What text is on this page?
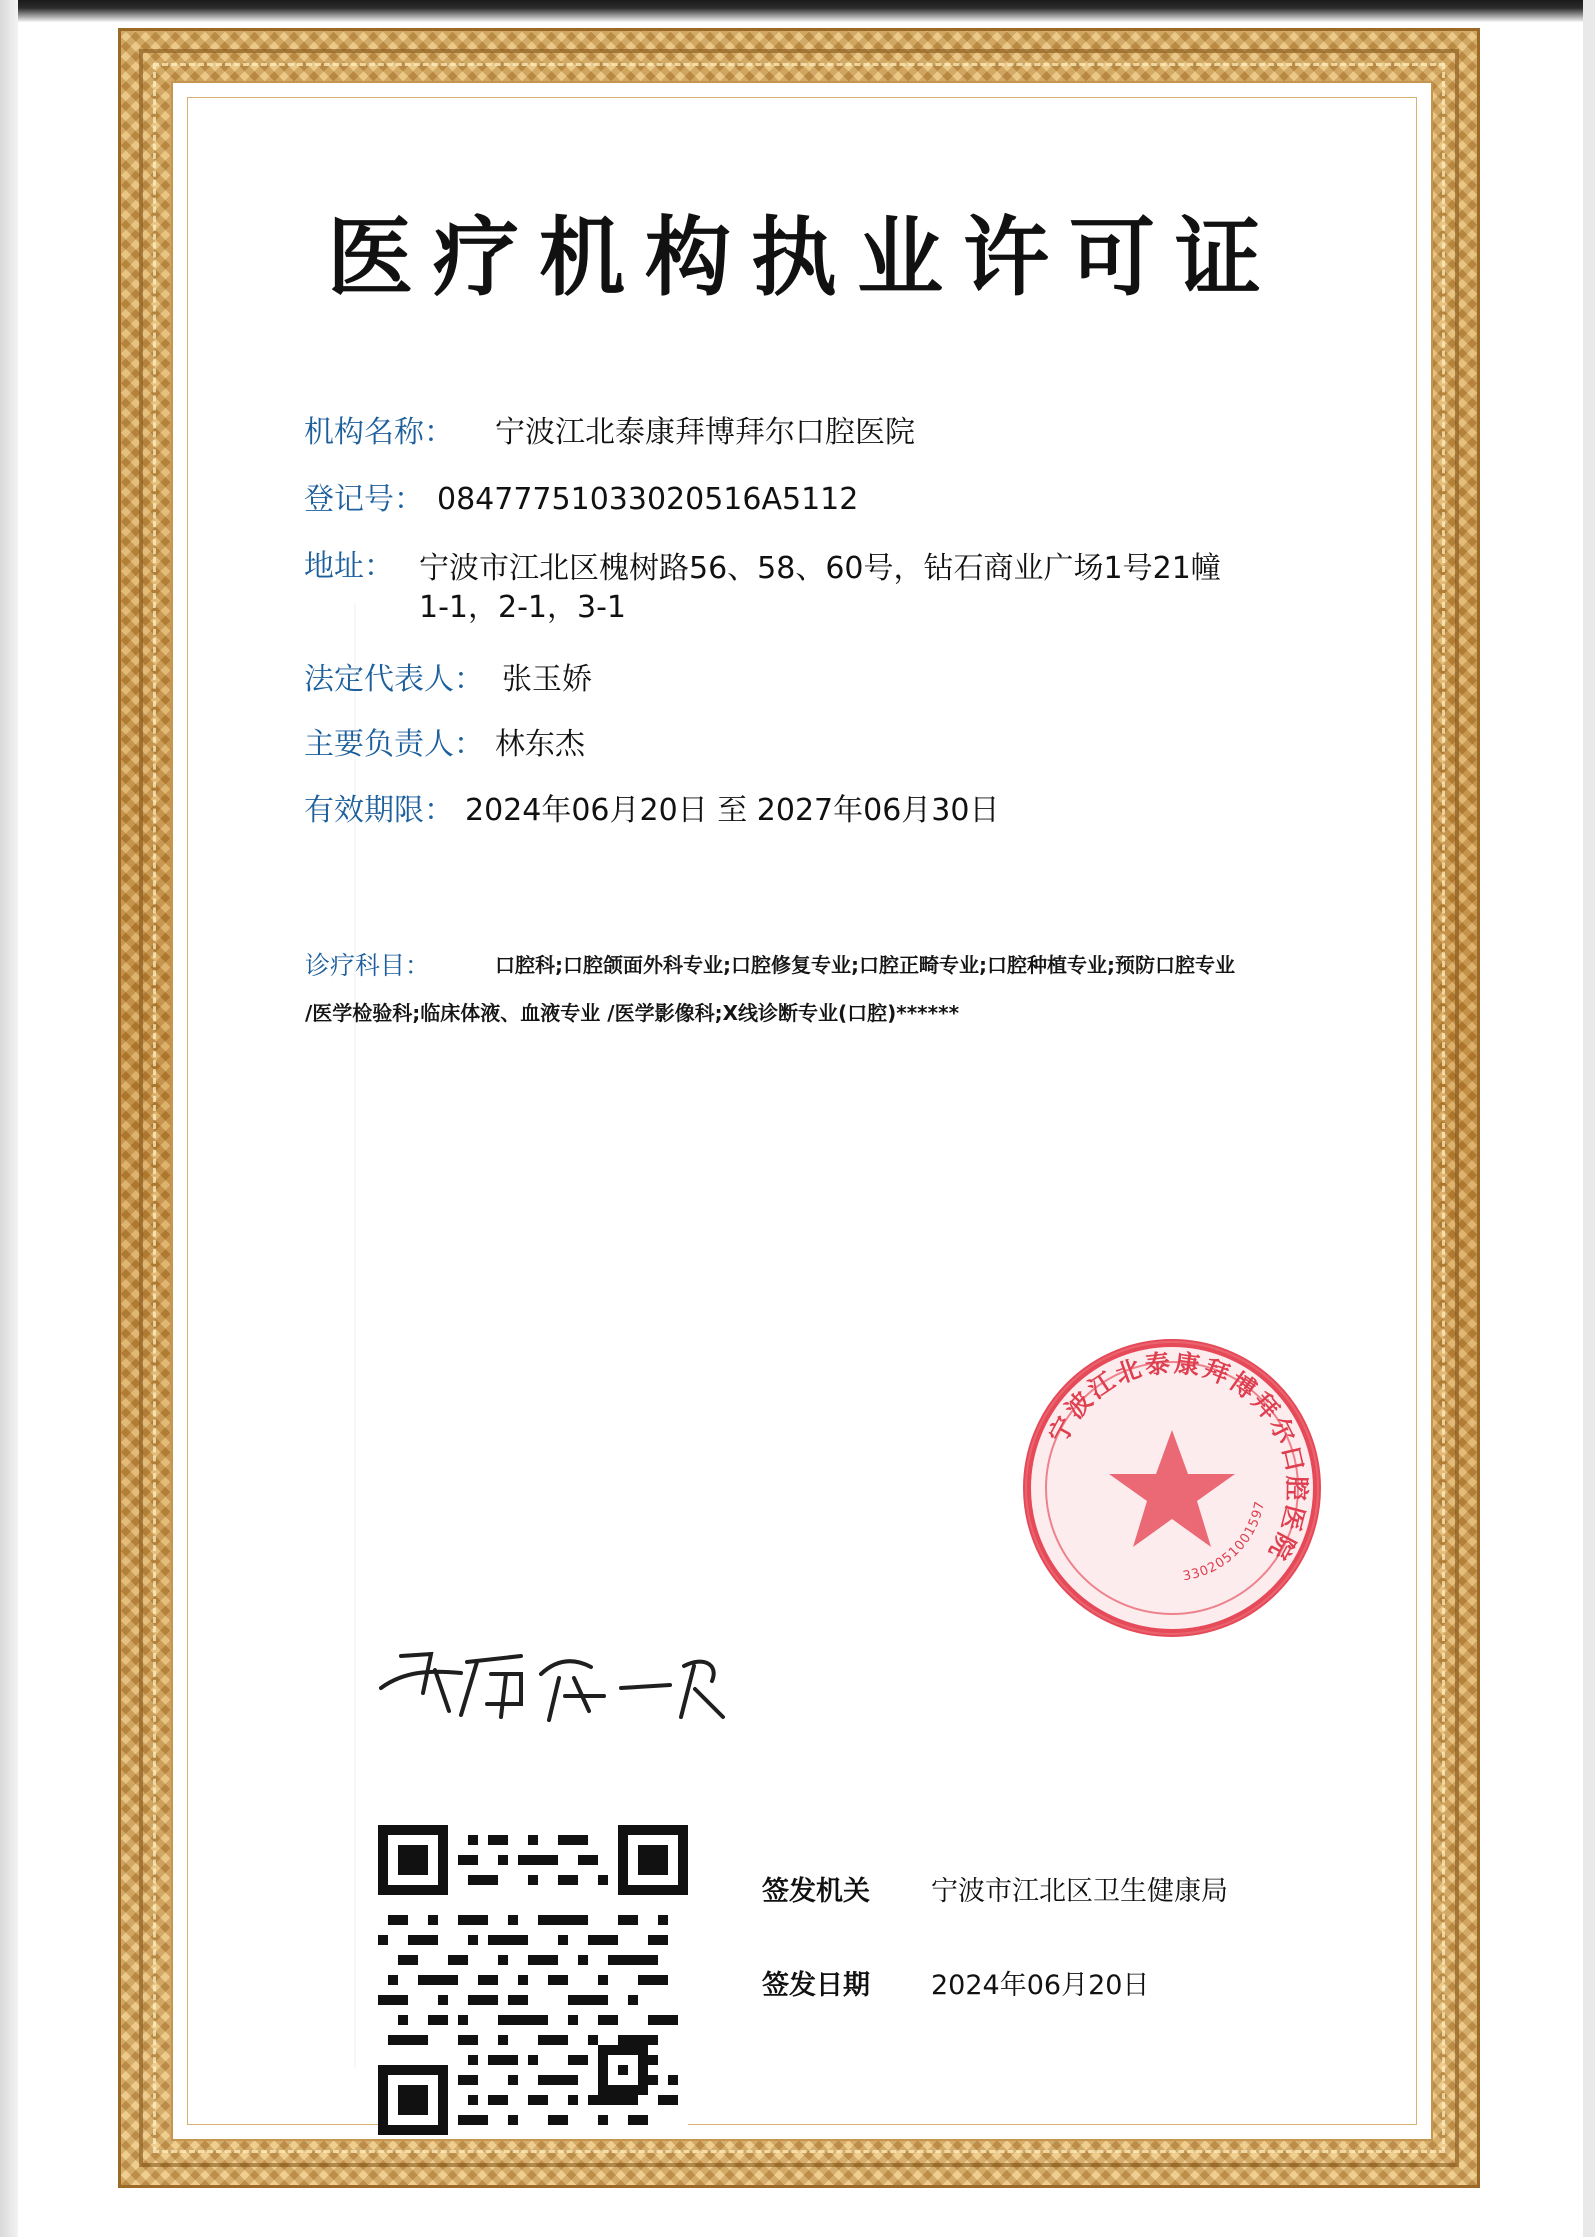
医疗机构执业许可证
机构名称： 宁波江北泰康拜博拜尔口腔医院
登记号： 08477751033020516A5112
地址： 宁波市江北区槐树路56、58、60号，钻石商业广场1号21幢
1-1，2-1，3-1
法定代表人： 张玉娇
主要负责人： 林东杰
有效期限： 2024年06月20日 至 2027年06月30日
诊疗科目：	口腔科;口腔颌面外科专业;口腔修复专业;口腔正畸专业;口腔种植专业;预防口腔专业
/医学检验科;临床体液、血液专业 /医学影像科;X线诊断专业(口腔)******
宁波江北泰康拜博拜尔口腔医院
3302051001597
签发机关 宁波市江北区卫生健康局
签发日期 2024年06月20日
